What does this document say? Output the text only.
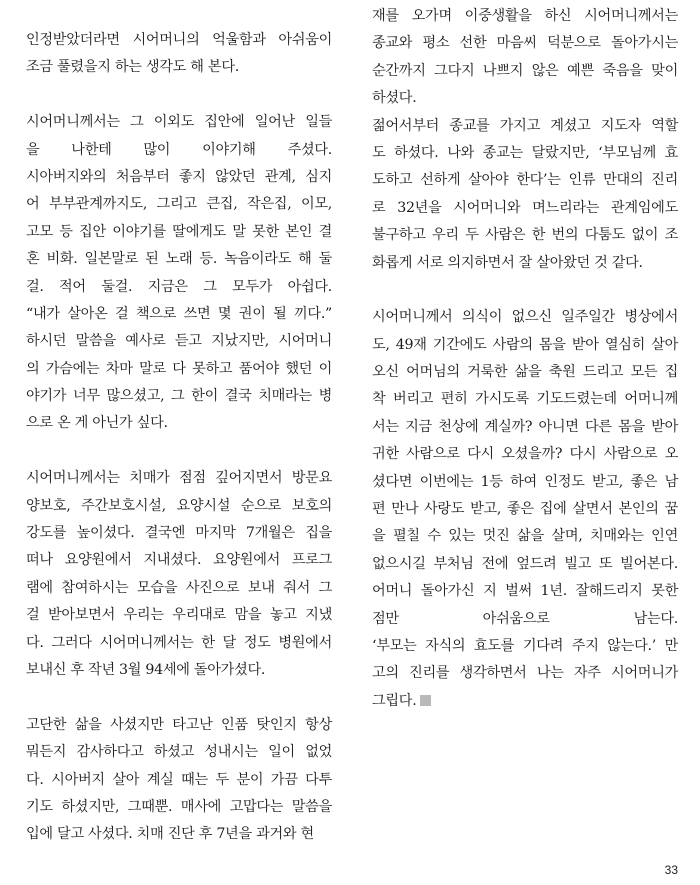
인정받았더라면 시어머니의 억울함과 아쉬움이
조금 풀렸을지 하는 생각도 해 본다.
시어머니께서는 그 이외도 집안에 일어난 일들
을 나한테 많이 이야기해 주셨다.
시아버지와의 처음부터 좋지 않았던 관계, 심지
어 부부관계까지도, 그리고 큰집, 작은집, 이모,
고모 등 집안 이야기를 딸에게도 말 못한 본인 결
혼 비화. 일본말로 된 노래 등. 녹음이라도 해 둘
걸. 적어 둘걸. 지금은 그 모두가 아쉽다.
“내가 살아온 걸 책으로 쓰면 몇 권이 될 끼다.”
하시던 말씀을 예사로 듣고 지났지만, 시어머니
의 가슴에는 차마 말로 다 못하고 품어야 했던 이
야기가 너무 많으셨고, 그 한이 결국 치매라는 병
으로 온 게 아닌가 싶다.
시어머니께서는 치매가 점점 깊어지면서 방문요
양보호, 주간보호시설, 요양시설 순으로 보호의
강도를 높이셨다. 결국엔 마지막 7개월은 집을
떠나 요양원에서 지내셨다. 요양원에서 프로그
램에 참여하시는 모습을 사진으로 보내 줘서 그
걸 받아보면서 우리는 우리대로 맘을 놓고 지냈
다. 그러다 시어머니께서는 한 달 정도 병원에서
보내신 후 작년 3월 94세에 돌아가셨다.
고단한 삶을 사셨지만 타고난 인품 탓인지 항상
뭐든지 감사하다고 하셨고 성내시는 일이 없었
다. 시아버지 살아 계실 때는 두 분이 가끔 다투
기도 하셨지만, 그때뿐. 매사에 고맙다는 말씀을
입에 달고 사셨다. 치매 진단 후 7년을 과거와 현
재를 오가며 이중생활을 하신 시어머니께서는
종교와 평소 선한 마음씨 덕분으로 돌아가시는
순간까지 그다지 나쁘지 않은 예쁜 죽음을 맞이
하셨다.
젊어서부터 종교를 가지고 계셨고 지도자 역할
도 하셨다. 나와 종교는 달랐지만, ‘부모님께 효
도하고 선하게 살아야 한다’는 인류 만대의 진리
로 32년을 시어머니와 며느리라는 관계임에도
불구하고 우리 두 사람은 한 번의 다툼도 없이 조
화롭게 서로 의지하면서 잘 살아왔던 것 같다.
시어머니께서 의식이 없으신 일주일간 병상에서
도, 49재 기간에도 사람의 몸을 받아 열심히 살아
오신 어머님의 거룩한 삶을 축원 드리고 모든 집
착 버리고 편히 가시도록 기도드렸는데 어머니께
서는 지금 천상에 계실까? 아니면 다른 몸을 받아
귀한 사람으로 다시 오셨을까? 다시 사람으로 오
셨다면 이번에는 1등 하여 인정도 받고, 좋은 남
편 만나 사랑도 받고, 좋은 집에 살면서 본인의 꿈
을 펼칠 수 있는 멋진 삶을 살며, 치매와는 인연
없으시길 부처님 전에 엎드려 빌고 또 빌어본다.
어머니 돌아가신 지 벌써 1년. 잘해드리지 못한
점만 아쉬움으로 남는다.
‘부모는 자식의 효도를 기다려 주지 않는다.’ 만
고의 진리를 생각하면서 나는 자주 시어머니가
그립다.
33
